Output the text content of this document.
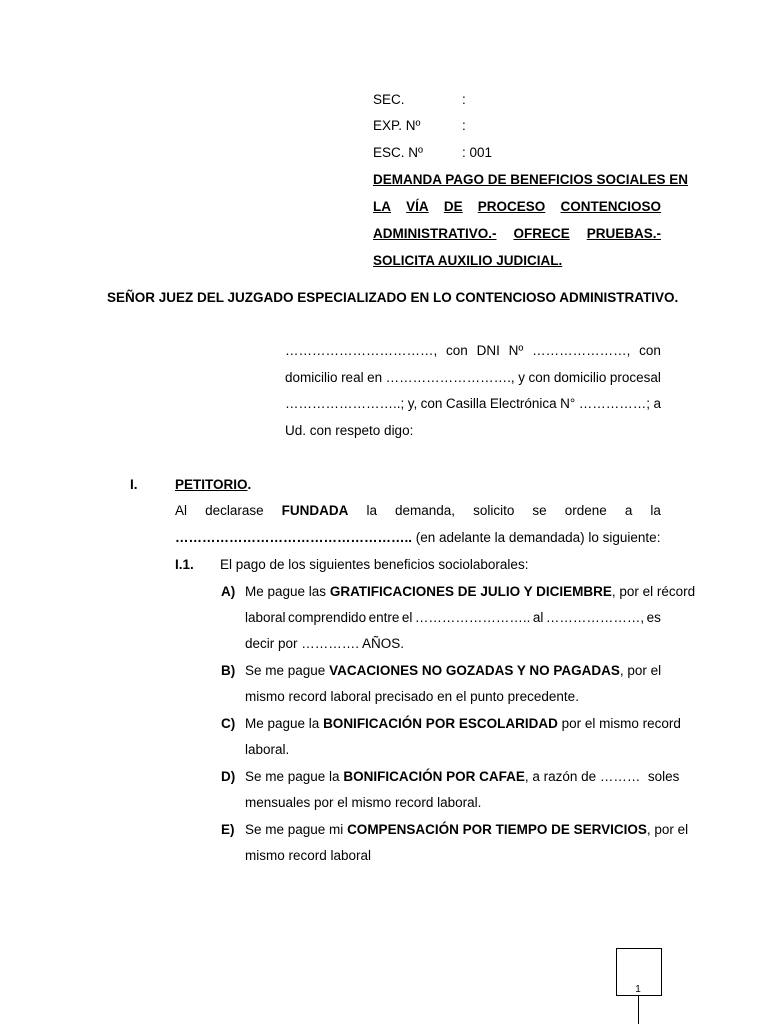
SEC.	:
EXP. Nº	:
ESC. Nº	: 001
DEMANDA PAGO DE BENEFICIOS SOCIALES EN
LA VÍA DE PROCESO CONTENCIOSO
ADMINISTRATIVO.- OFRECE PRUEBAS.-
SOLICITA AUXILIO JUDICIAL.
SEÑOR JUEZ DEL JUZGADO ESPECIALIZADO EN LO CONTENCIOSO ADMINISTRATIVO.
……………………………, con DNI Nº …………………, con
domicilio real en ………………………., y con domicilio procesal
……………………..; y, con Casilla Electrónica N° ……………; a
Ud. con respeto digo:
I.	PETITORIO.
Al declarase FUNDADA la demanda, solicito se ordene a la
…………………………………………….. (en adelante la demandada) lo siguiente:
I.1. El pago de los siguientes beneficios sociolaborales:
A) Me pague las GRATIFICACIONES DE JULIO Y DICIEMBRE, por el récord
laboral comprendido entre el …………………….. al …………………, es
decir por …………. AÑOS.
B) Se me pague VACACIONES NO GOZADAS Y NO PAGADAS, por el
mismo record laboral precisado en el punto precedente.
C) Me pague la BONIFICACIÓN POR ESCOLARIDAD por el mismo record
laboral.
D) Se me pague la BONIFICACIÓN POR CAFAE, a razón de ………  soles
mensuales por el mismo record laboral.
E) Se me pague mi COMPENSACIÓN POR TIEMPO DE SERVICIOS, por el
mismo record laboral
1
